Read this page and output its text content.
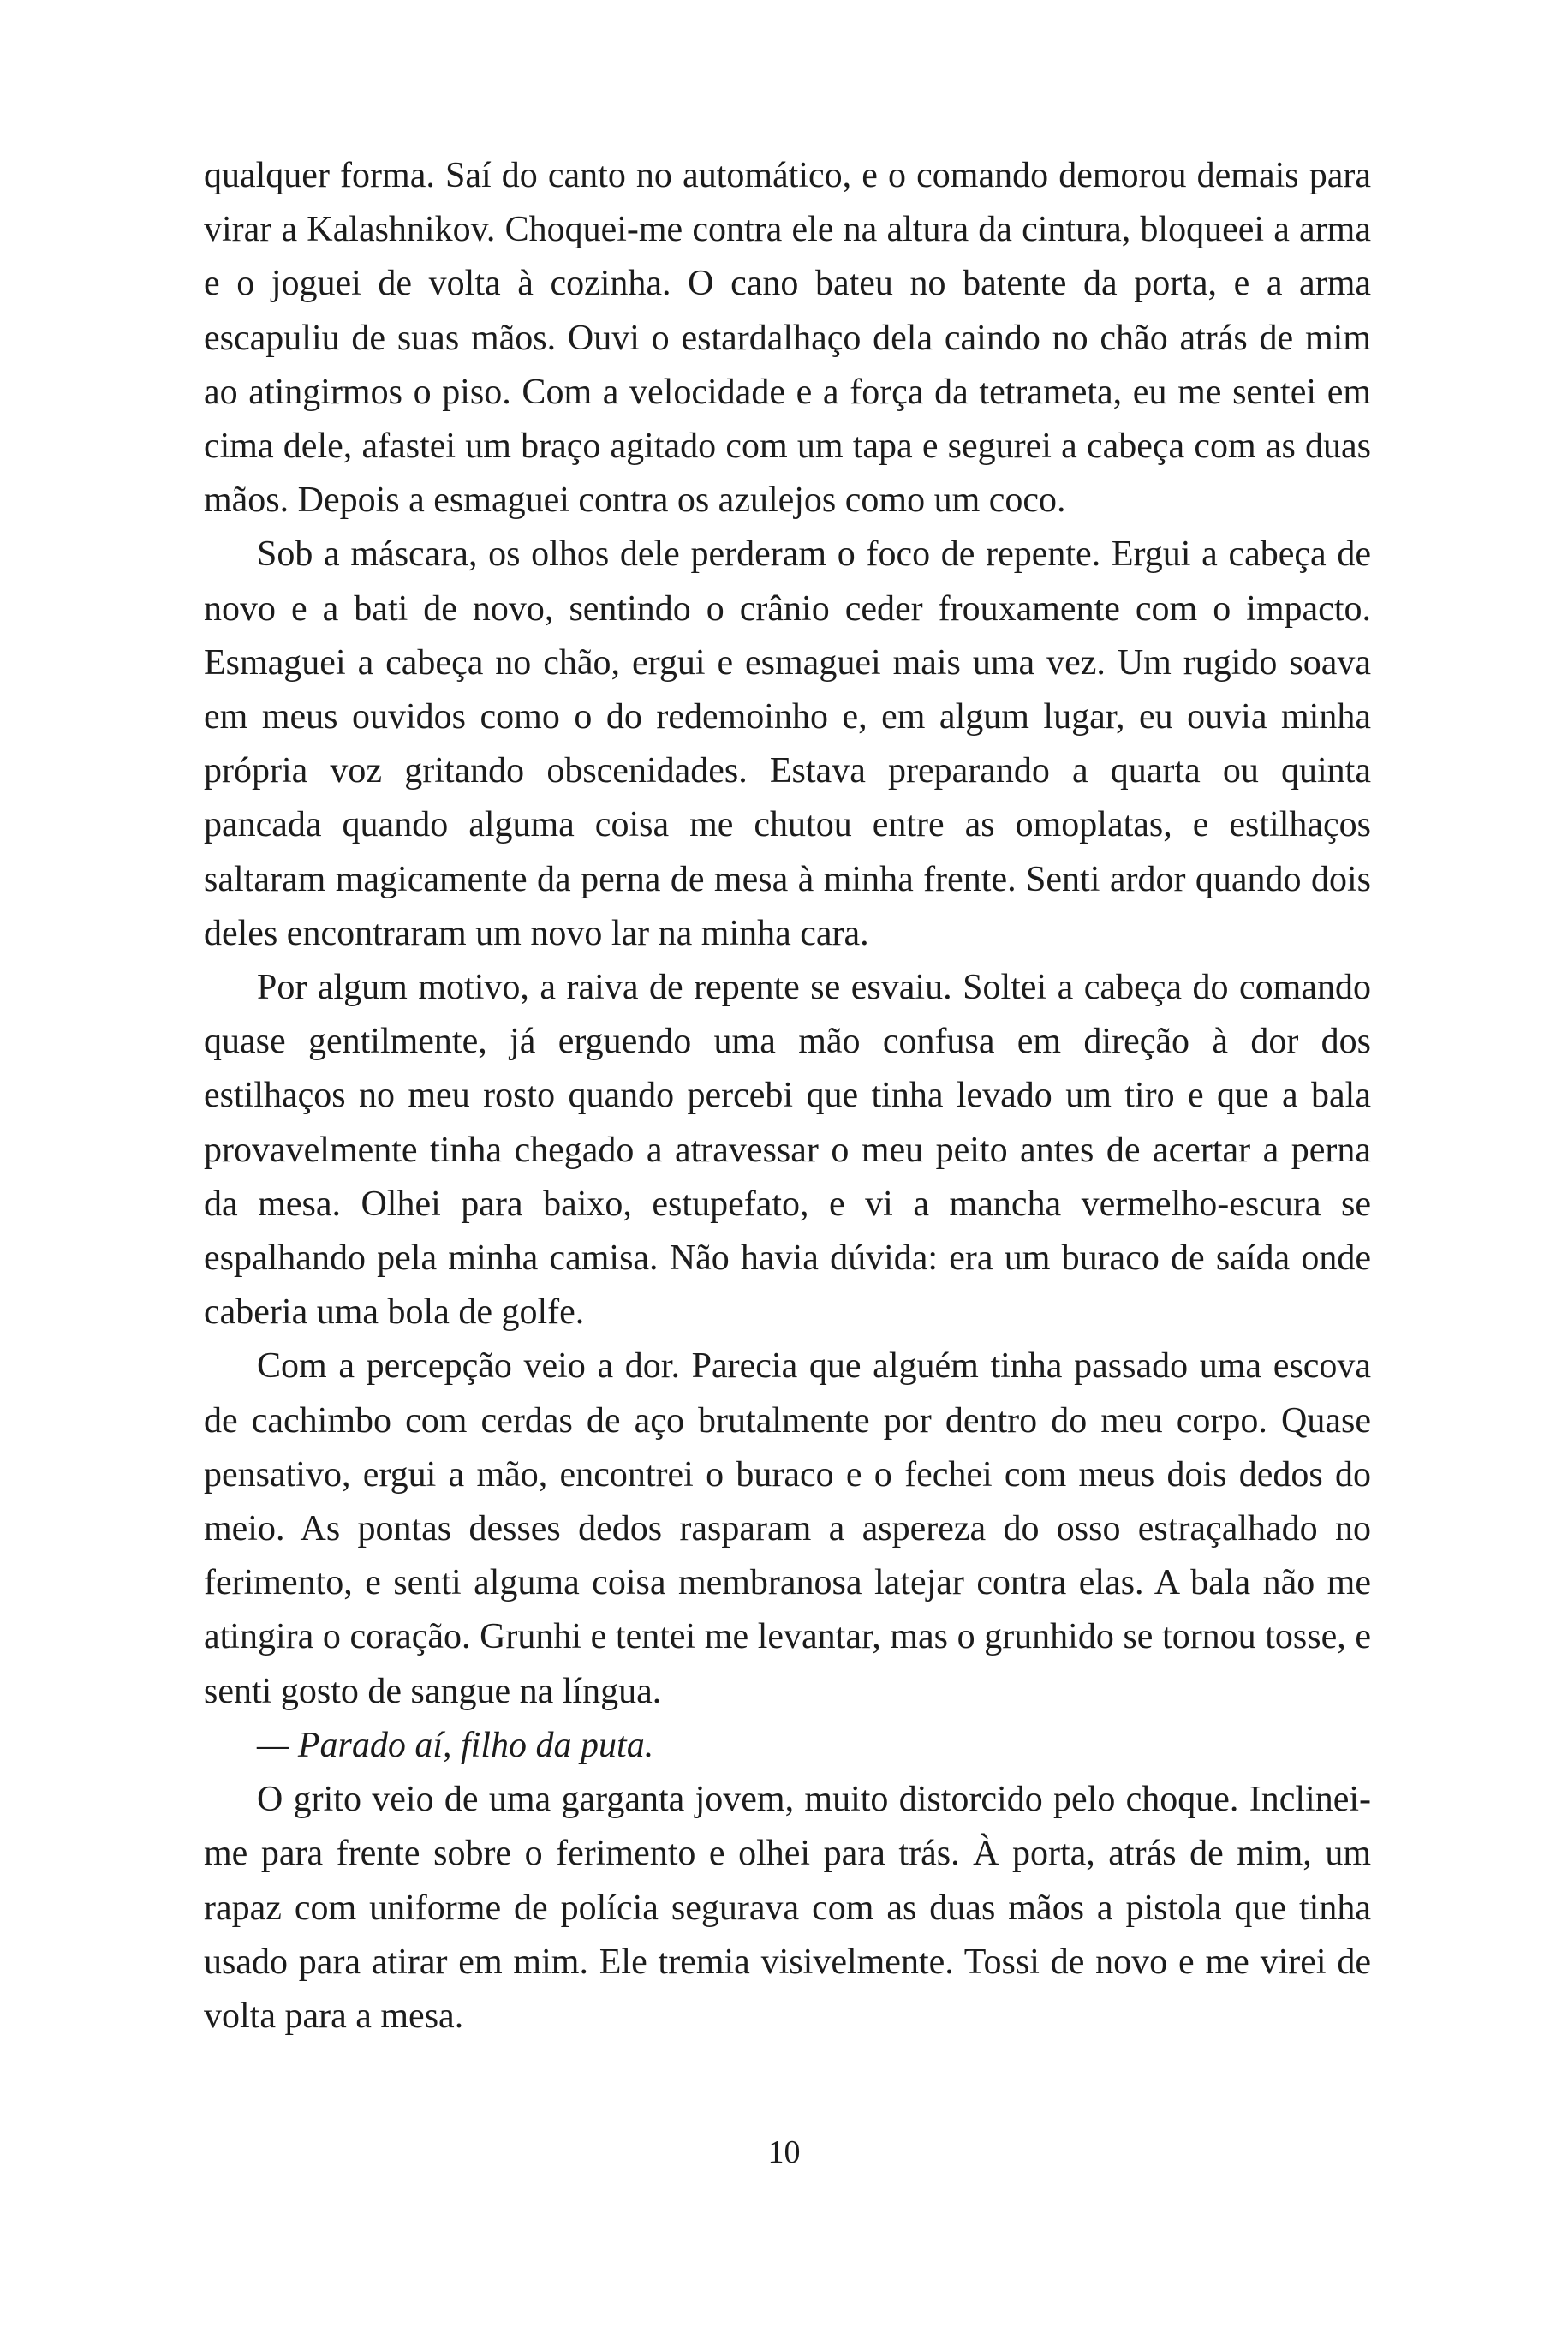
qualquer forma. Saí do canto no automático, e o comando demorou demais para virar a Kalashnikov. Choquei-me contra ele na altura da cintura, bloqueei a arma e o joguei de volta à cozinha. O cano bateu no batente da porta, e a arma escapuliu de suas mãos. Ouvi o estardalhaço dela caindo no chão atrás de mim ao atingirmos o piso. Com a velocidade e a força da tetrameta, eu me sentei em cima dele, afastei um braço agitado com um tapa e segurei a cabeça com as duas mãos. Depois a esmaguei contra os azulejos como um coco.

Sob a máscara, os olhos dele perderam o foco de repente. Ergui a cabeça de novo e a bati de novo, sentindo o crânio ceder frouxamente com o impacto. Esmaguei a cabeça no chão, ergui e esmaguei mais uma vez. Um rugido soava em meus ouvidos como o do redemoinho e, em algum lugar, eu ouvia minha própria voz gritando obscenidades. Estava preparando a quarta ou quinta pancada quando alguma coisa me chutou entre as omoplatas, e estilhaços saltaram magicamente da perna de mesa à minha frente. Senti ardor quando dois deles encontraram um novo lar na minha cara.

Por algum motivo, a raiva de repente se esvaiu. Soltei a cabeça do comando quase gentilmente, já erguendo uma mão confusa em direção à dor dos estilhaços no meu rosto quando percebi que tinha levado um tiro e que a bala provavelmente tinha chegado a atravessar o meu peito antes de acertar a perna da mesa. Olhei para baixo, estupefato, e vi a mancha vermelho-escura se espalhando pela minha camisa. Não havia dúvida: era um buraco de saída onde caberia uma bola de golfe.

Com a percepção veio a dor. Parecia que alguém tinha passado uma escova de cachimbo com cerdas de aço brutalmente por dentro do meu corpo. Quase pensativo, ergui a mão, encontrei o buraco e o fechei com meus dois dedos do meio. As pontas desses dedos rasparam a aspereza do osso estraçalhado no ferimento, e senti alguma coisa membranosa latejar contra elas. A bala não me atingira o coração. Grunhi e tentei me levantar, mas o grunhido se tornou tosse, e senti gosto de sangue na língua.

— Parado aí, filho da puta.

O grito veio de uma garganta jovem, muito distorcido pelo choque. Inclinei-me para frente sobre o ferimento e olhei para trás. À porta, atrás de mim, um rapaz com uniforme de polícia segurava com as duas mãos a pistola que tinha usado para atirar em mim. Ele tremia visivelmente. Tossi de novo e me virei de volta para a mesa.

10
